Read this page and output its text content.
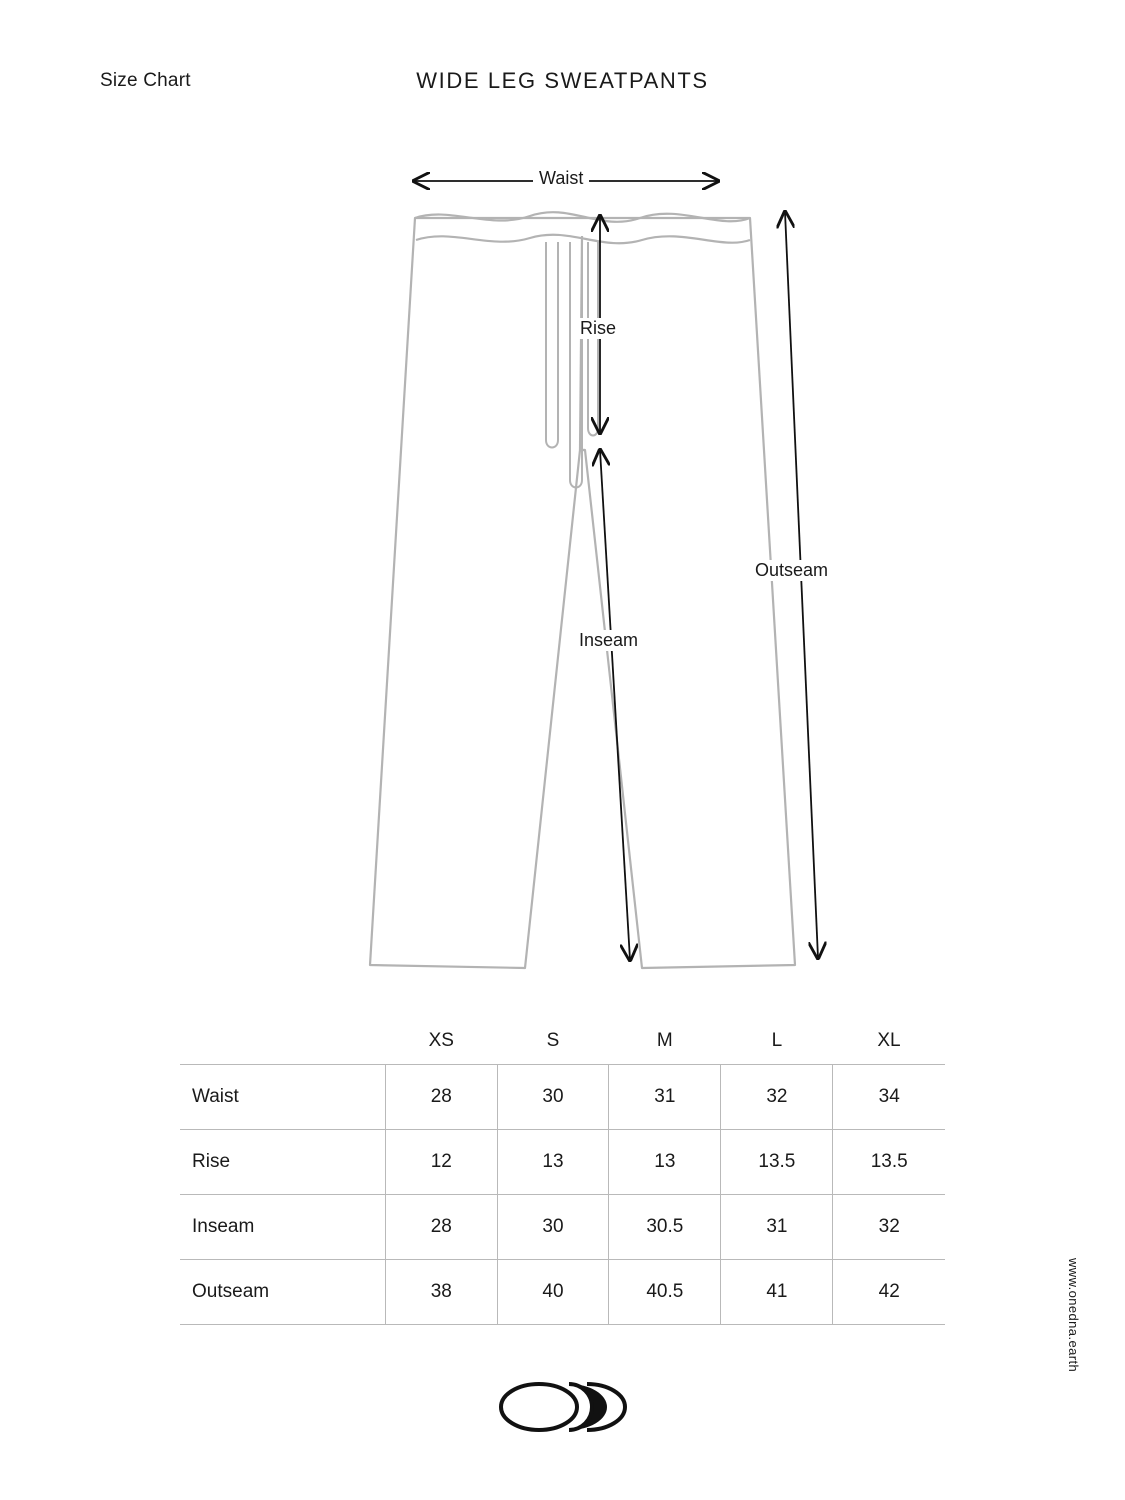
Size Chart	WIDE LEG SWEATPANTS
Waist
Rise
Inseam
Outseam
	XS	S	M	L	XL
Waist	28	30	31	32	34
Rise	12	13	13	13.5	13.5
Inseam	28	30	30.5	31	32
Outseam	38	40	40.5	41	42	www.onedna.earth
